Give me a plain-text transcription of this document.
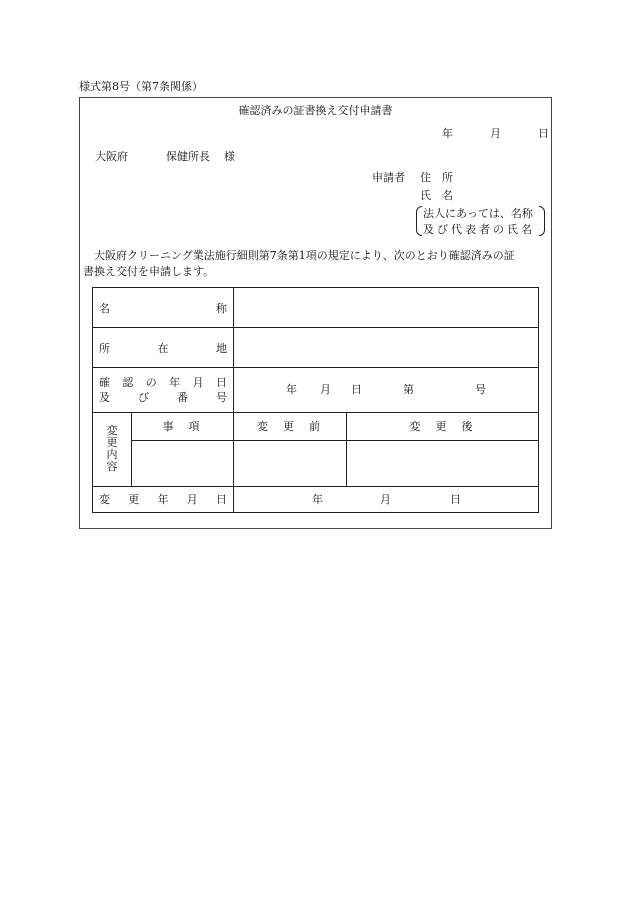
様式第8号（第7条関係）
確認済みの証書換え交付申請書
年	月	日
大阪府	保健所長 様
申請者 住　所
氏　名
法人にあっては、名称
及び代表者の氏名

大阪府クリーニング業法施行細則第7条第1項の規定により、次のとおり確認済みの証

書換え交付を申請します。

名	称
所	在	地
確 認 の 年 月 日
及	び	番	号
年 月 日	第	号
変更内容
事　項	変　更　前	変　更　後
変 更 年 月 日	年	月	日
